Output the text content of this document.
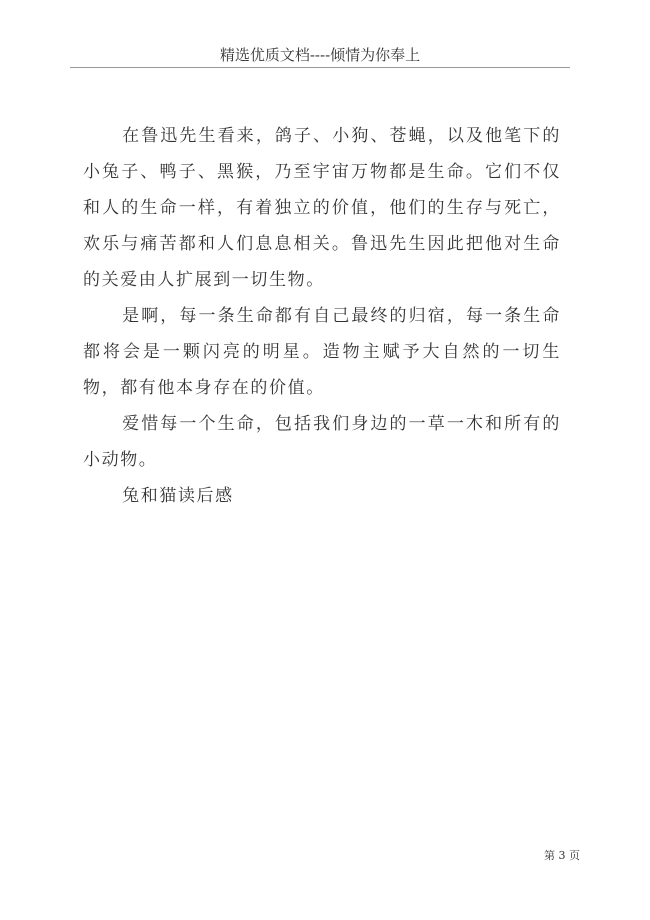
精选优质文档----倾情为你奉上

在鲁迅先生看来，鸽子、小狗、苍蝇，以及他笔下的小兔子、鸭子、黑猴，乃至宇宙万物都是生命。它们不仅和人的生命一样，有着独立的价值，他们的生存与死亡，欢乐与痛苦都和人们息息相关。鲁迅先生因此把他对生命的关爱由人扩展到一切生物。

是啊，每一条生命都有自己最终的归宿，每一条生命都将会是一颗闪亮的明星。造物主赋予大自然的一切生物，都有他本身存在的价值。

爱惜每一个生命，包括我们身边的一草一木和所有的小动物。

兔和猫读后感

第 3 页
